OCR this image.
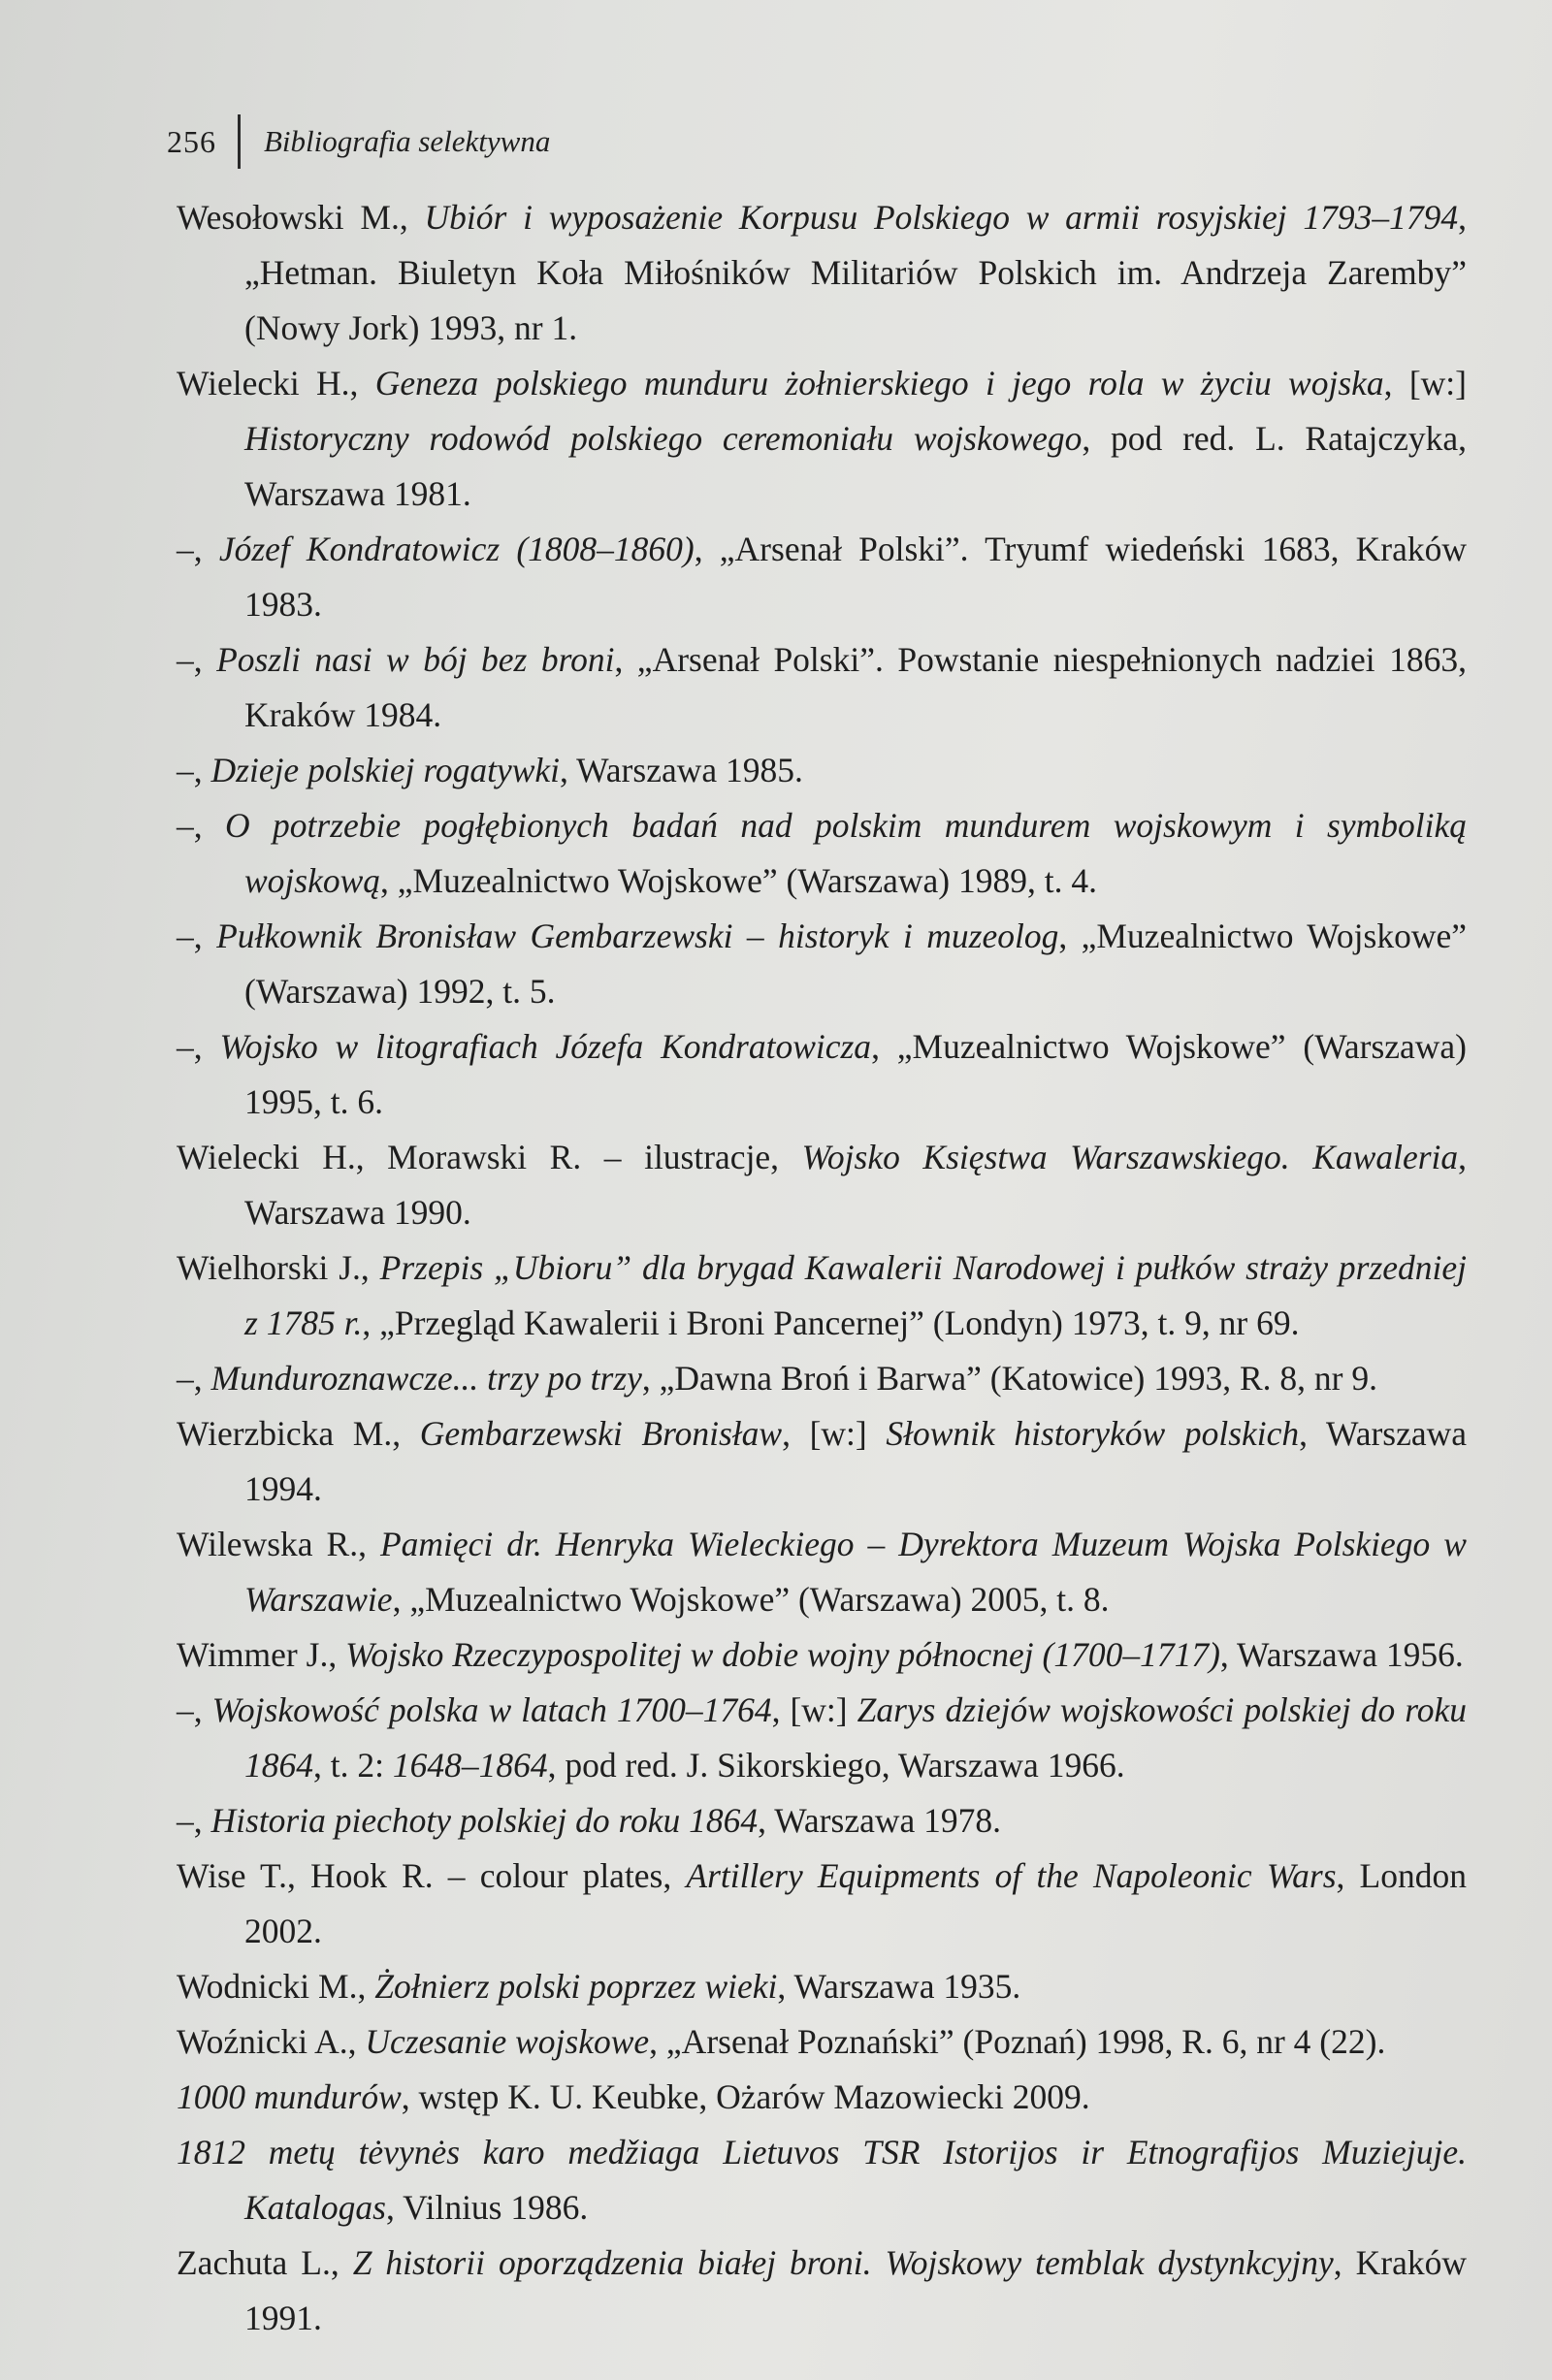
256 Bibliografia selektywna

Wesołowski M., Ubiór i wyposażenie Korpusu Polskiego w armii rosyjskiej 1793–1794, „Hetman. Biuletyn Koła Miłośników Militariów Polskich im. Andrzeja Zaremby” (Nowy Jork) 1993, nr 1.

Wielecki H., Geneza polskiego munduru żołnierskiego i jego rola w życiu wojska, [w:] Historyczny rodowód polskiego ceremoniału wojskowego, pod red. L. Ratajczyka, Warszawa 1981.

–, Józef Kondratowicz (1808–1860), „Arsenał Polski”. Tryumf wiedeński 1683, Kraków 1983.

–, Poszli nasi w bój bez broni, „Arsenał Polski”. Powstanie niespełnionych nadziei 1863, Kraków 1984.

–, Dzieje polskiej rogatywki, Warszawa 1985.

–, O potrzebie pogłębionych badań nad polskim mundurem wojskowym i symboliką wojskową, „Muzealnictwo Wojskowe” (Warszawa) 1989, t. 4.

–, Pułkownik Bronisław Gembarzewski – historyk i muzeolog, „Muzealnictwo Wojskowe” (Warszawa) 1992, t. 5.

–, Wojsko w litografiach Józefa Kondratowicza, „Muzealnictwo Wojskowe” (Warszawa) 1995, t. 6.

Wielecki H., Morawski R. – ilustracje, Wojsko Księstwa Warszawskiego. Kawaleria, Warszawa 1990.

Wielhorski J., Przepis „Ubioru” dla brygad Kawalerii Narodowej i pułków straży przedniej z 1785 r., „Przegląd Kawalerii i Broni Pancernej” (Londyn) 1973, t. 9, nr 69.

–, Munduroznawcze... trzy po trzy, „Dawna Broń i Barwa” (Katowice) 1993, R. 8, nr 9.

Wierzbicka M., Gembarzewski Bronisław, [w:] Słownik historyków polskich, Warszawa 1994.

Wilewska R., Pamięci dr. Henryka Wieleckiego – Dyrektora Muzeum Wojska Polskiego w Warszawie, „Muzealnictwo Wojskowe” (Warszawa) 2005, t. 8.

Wimmer J., Wojsko Rzeczypospolitej w dobie wojny północnej (1700–1717), Warszawa 1956.

–, Wojskowość polska w latach 1700–1764, [w:] Zarys dziejów wojskowości polskiej do roku 1864, t. 2: 1648–1864, pod red. J. Sikorskiego, Warszawa 1966.

–, Historia piechoty polskiej do roku 1864, Warszawa 1978.

Wise T., Hook R. – colour plates, Artillery Equipments of the Napoleonic Wars, London 2002.

Wodnicki M., Żołnierz polski poprzez wieki, Warszawa 1935.

Woźnicki A., Uczesanie wojskowe, „Arsenał Poznański” (Poznań) 1998, R. 6, nr 4 (22).

1000 mundurów, wstęp K. U. Keubke, Ożarów Mazowiecki 2009.

1812 metų tėvynės karo medžiaga Lietuvos TSR Istorijos ir Etnografijos Muziejuje. Katalogas, Vilnius 1986.

Zachuta L., Z historii oporządzenia białej broni. Wojskowy temblak dystynkcyjny, Kraków 1991.
